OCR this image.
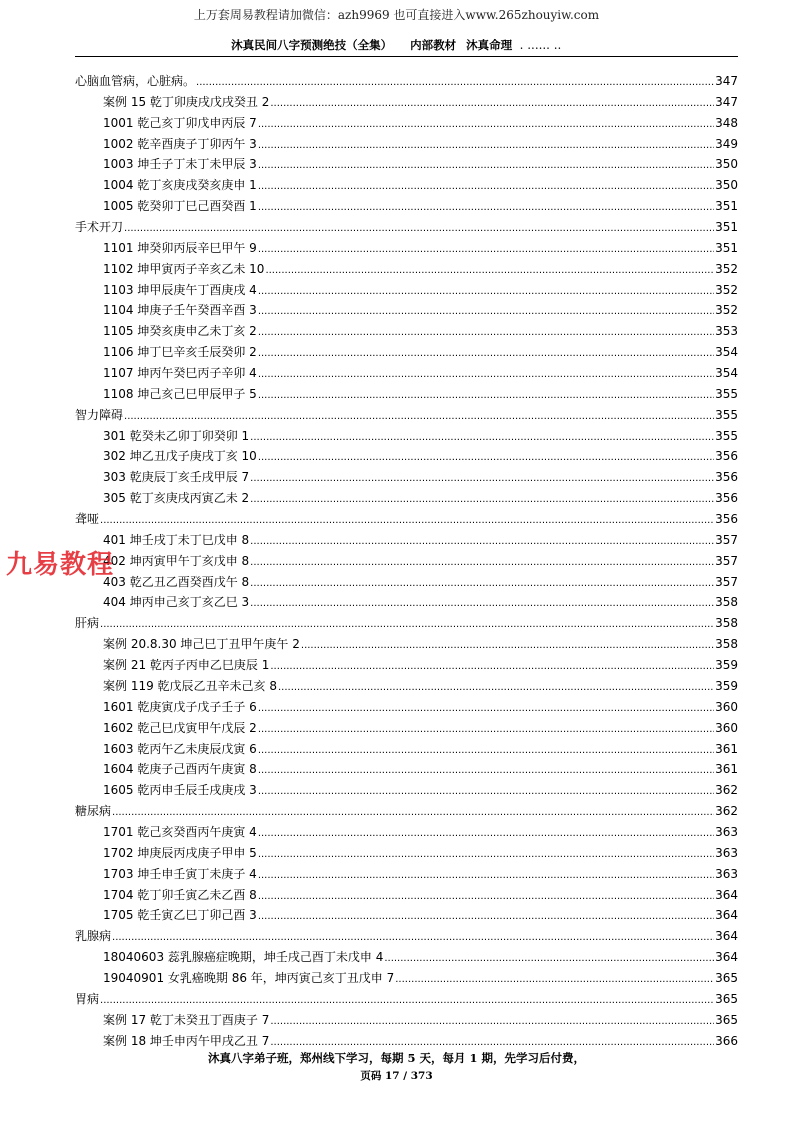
上万套周易教程请加微信：azh9969 也可直接进入www.265zhouyiw.com
沐真民间八字预测绝技（全集） 内部教材 沐真命理 . ...... ..
心脑血管病，心脏病。 .....	347
案例 15 乾丁卯庚戌戊戌癸丑 2 .....	347
1001 乾己亥丁卯戊申丙辰 7 .....	348
1002 乾辛酉庚子丁卯丙午 3 .....	349
1003 坤壬子丁未丁未甲辰 3 .....	350
1004 乾丁亥庚戌癸亥庚申 1 .....	350
1005 乾癸卯丁巳己酉癸酉 1 .....	351
手术开刀 .....	351
1101 坤癸卯丙辰辛巳甲午 9 .....	351
1102 坤甲寅丙子辛亥乙未 10 .....	352
1103 坤甲辰庚午丁酉庚戌 4 .....	352
1104 坤庚子壬午癸酉辛酉 3 .....	352
1105 坤癸亥庚申乙未丁亥 2 .....	353
1106 坤丁巳辛亥壬辰癸卯 2 .....	354
1107 坤丙午癸巳丙子辛卯 4 .....	354
1108 坤己亥己巳甲辰甲子 5 .....	355
智力障碍 .....	355
301 乾癸未乙卯丁卯癸卯 1 .....	355
302 坤乙丑戊子庚戌丁亥 10 .....	356
303 乾庚辰丁亥壬戌甲辰 7 .....	356
305 乾丁亥庚戌丙寅乙未 2 .....	356
聋哑 .....	356
401 坤壬戌丁未丁巳戊申 8 .....	357
402 坤丙寅甲午丁亥戊申 8 .....	357
403 乾乙丑乙酉癸酉戊午 8 .....	357
404 坤丙申己亥丁亥乙巳 3 .....	358
肝病 .....	358
案例 20.8.30 坤己巳丁丑甲午庚午 2 .....	358
案例 21 乾丙子丙申乙巳庚辰 1 .....	359
案例 119 乾戊辰乙丑辛未己亥 8 .....	359
1601 乾庚寅戊子戊子壬子 6 .....	360
1602 乾己巳戊寅甲午戊辰 2 .....	360
1603 乾丙午乙未庚辰戊寅 6 .....	361
1604 乾庚子己酉丙午庚寅 8 .....	361
1605 乾丙申壬辰壬戌庚戌 3 .....	362
糖尿病 .....	362
1701 乾己亥癸酉丙午庚寅 4 .....	363
1702 坤庚辰丙戌庚子甲申 5 .....	363
1703 坤壬申壬寅丁未庚子 4 .....	363
1704 乾丁卯壬寅乙未乙酉 8 .....	364
1705 乾壬寅乙巳丁卯己酉 3 .....	364
乳腺病 .....	364
18040603 蕊乳腺癌症晚期，坤壬戌己酉丁未戊申 4 .....	364
19040901 女乳癌晚期 86 年，坤丙寅己亥丁丑戊申 7 .....	365
胃病 .....	365
案例 17 乾丁未癸丑丁酉庚子 7 .....	365
案例 18 坤壬申丙午甲戌乙丑 7 .....	366
九易教程
沐真八字弟子班，郑州线下学习，每期 5 天，每月 1 期，先学习后付费，
页码 17 / 373
